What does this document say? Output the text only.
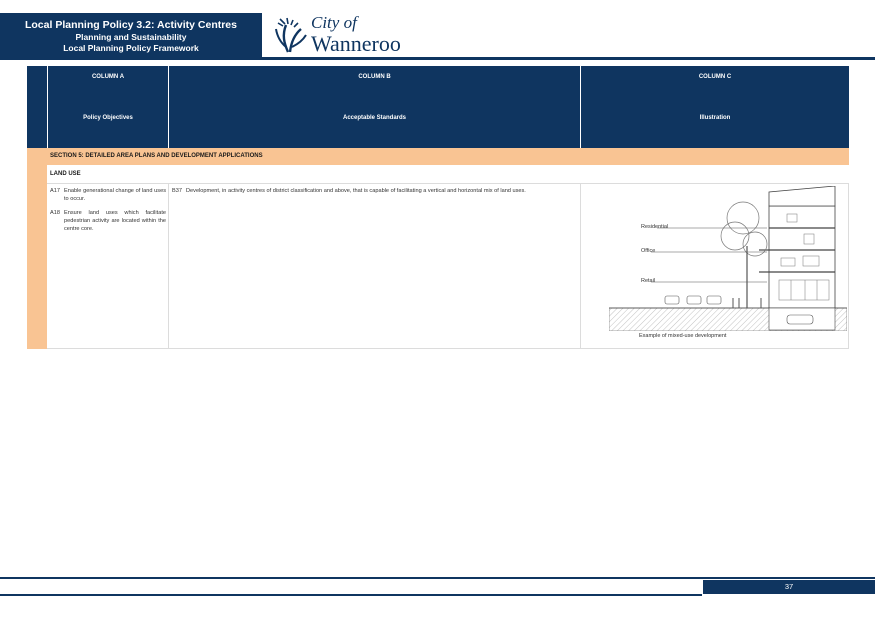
Local Planning Policy 3.2: Activity Centres
Planning and Sustainability
Local Planning Policy Framework
City of
Wanneroo
COLUMN A	COLUMN B	COLUMN C
Policy Objectives	Acceptable Standards	Illustration
SECTION 5: DETAILED AREA PLANS AND DEVELOPMENT APPLICATIONS
LAND USE
A17 Enable generational change of land uses to occur.
A18 Ensure land uses which facilitate pedestrian activity are located within the centre core.
B37 Development, in activity centres of district classification and above, that is capable of facilitating a vertical and horizontal mix of land uses.
Residential
Office
Retail
Example of mixed-use development
37
